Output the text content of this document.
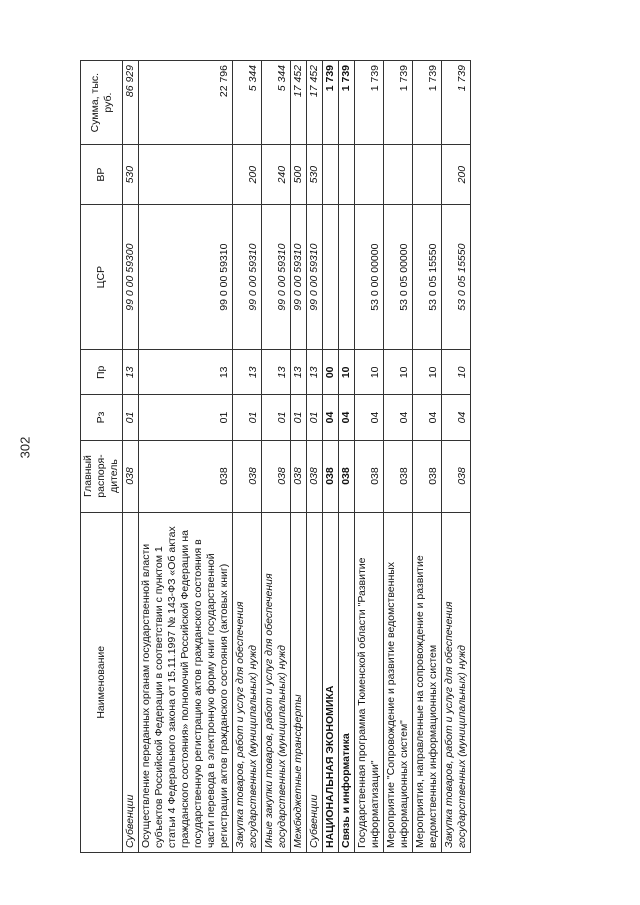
302
Наименование	Главный распоря-дитель	Рз	Пр	ЦСР	ВР	Сумма, тыс. руб.
Субвенции	038	01	13	99 0 00 59300	530	86 929
Осуществление переданных органам государственной власти субъектов Российской Федерации в соответствии с пунктом 1 статьи 4 Федерального закона от 15.11.1997 № 143-ФЗ «Об актах гражданского состояния» полномочий Российской Федерации на государственную регистрацию актов гражданского состояния в части перевода в электронную форму книг государственной регистрации актов гражданского состояния (актовых книг)	038	01	13	99 0 00 59310		22 796
Закупка товаров, работ и услуг для обеспечения государственных (муниципальных) нужд	038	01	13	99 0 00 59310	200	5 344
Иные закупки товаров, работ и услуг для обеспечения государственных (муниципальных) нужд	038	01	13	99 0 00 59310	240	5 344
Межбюджетные трансферты	038	01	13	99 0 00 59310	500	17 452
Субвенции	038	01	13	99 0 00 59310	530	17 452
НАЦИОНАЛЬНАЯ ЭКОНОМИКА	038	04	00			1 739
Связь и информатика	038	04	10			1 739
Государственная программа Тюменской области "Развитие информатизации"	038	04	10	53 0 00 00000		1 739
Мероприятие "Сопровождение и развитие ведомственных информационных систем"	038	04	10	53 0 05 00000		1 739
Мероприятия, направленные на сопровождение и развитие ведомственных информационных систем	038	04	10	53 0 05 15550		1 739
Закупка товаров, работ и услуг для обеспечения государственных (муниципальных) нужд	038	04	10	53 0 05 15550	200	1 739
